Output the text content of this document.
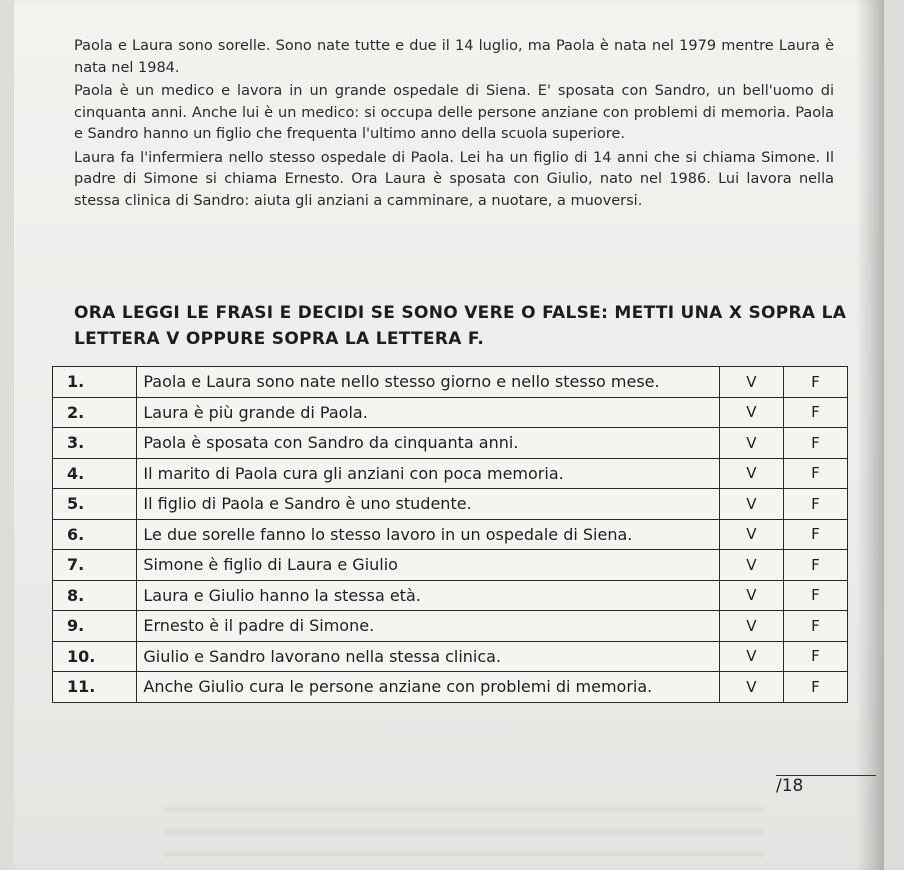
Paola e Laura sono sorelle. Sono nate tutte e due il 14 luglio, ma Paola è nata nel 1979 mentre Laura è nata nel 1984.

Paola è un medico e lavora in un grande ospedale di Siena. E' sposata con Sandro, un bell'uomo di cinquanta anni. Anche lui è un medico: si occupa delle persone anziane con problemi di memoria. Paola e Sandro hanno un figlio che frequenta l'ultimo anno della scuola superiore.

Laura fa l'infermiera nello stesso ospedale di Paola. Lei ha un figlio di 14 anni che si chiama Simone. Il padre di Simone si chiama Ernesto. Ora Laura è sposata con Giulio, nato nel 1986. Lui lavora nella stessa clinica di Sandro: aiuta gli anziani a camminare, a nuotare, a muoversi.

ORA LEGGI LE FRASI E DECIDI SE SONO VERE O FALSE: METTI UNA X SOPRA LA LETTERA V OPPURE SOPRA LA LETTERA F.
1.	Paola e Laura sono nate nello stesso giorno e nello stesso mese.	V	F
2.	Laura è più grande di Paola.	V	F
3.	Paola è sposata con Sandro da cinquanta anni.	V	F
4.	Il marito di Paola cura gli anziani con poca memoria.	V	F
5.	Il figlio di Paola e Sandro è uno studente.	V	F
6.	Le due sorelle fanno lo stesso lavoro in un ospedale di Siena.	V	F
7.	Simone è figlio di Laura e Giulio	V	F
8.	Laura e Giulio hanno la stessa età.	V	F
9.	Ernesto è il padre di Simone.	V	F
10.	Giulio e Sandro lavorano nella stessa clinica.	V	F
11.	Anche Giulio cura le persone anziane con problemi di memoria.	V	F
/18
